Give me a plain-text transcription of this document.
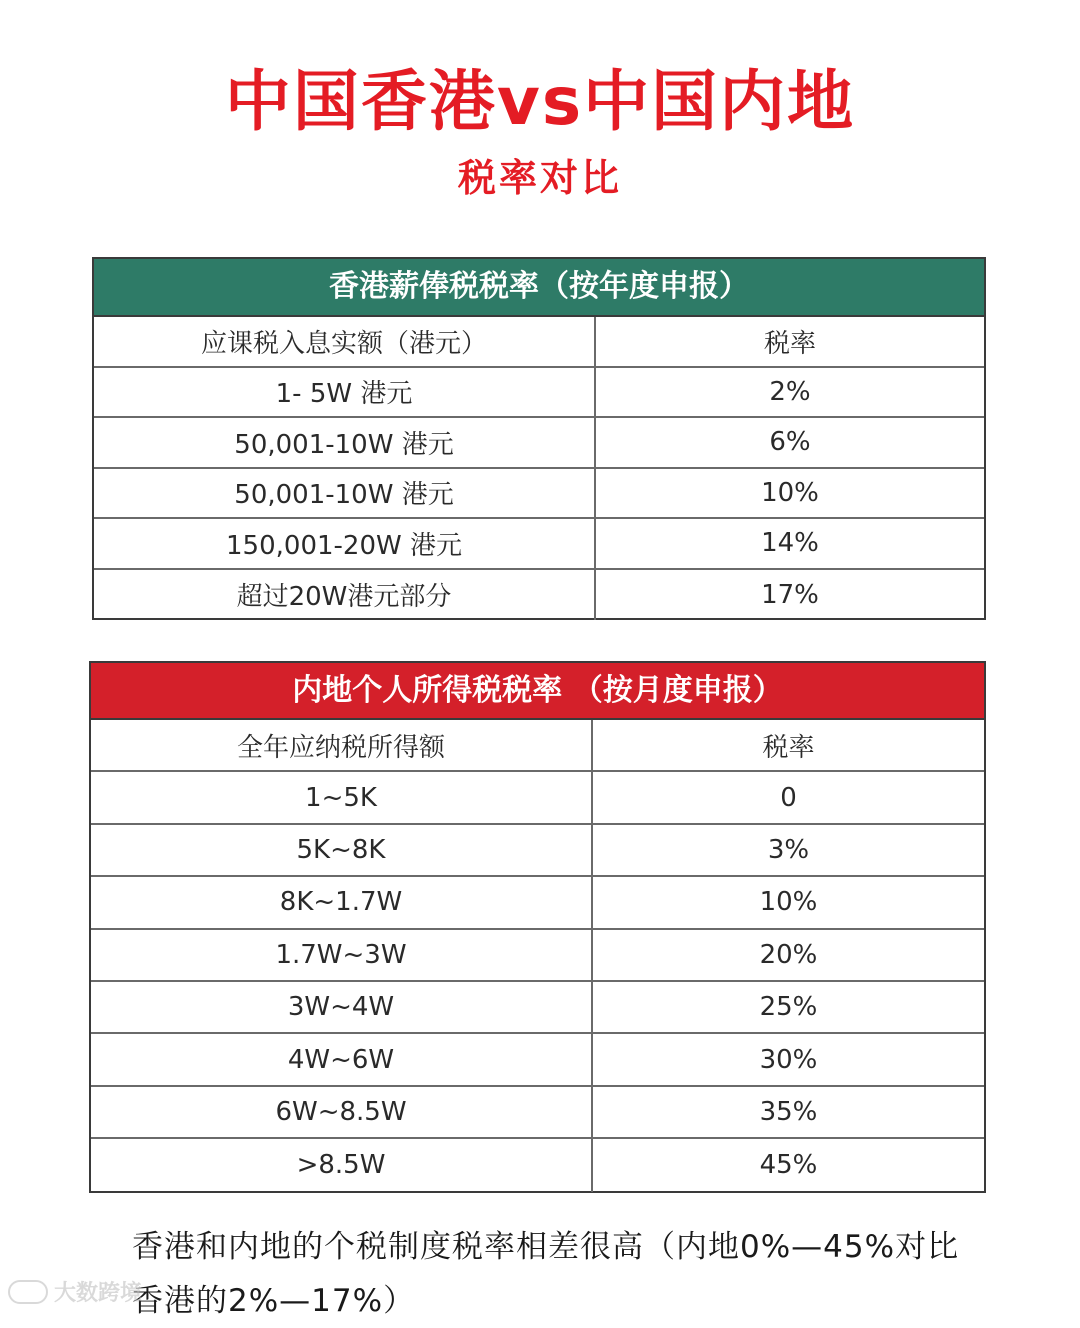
中国香港vs中国内地
税率对比
香港薪俸税税率（按年度申报）
应课税入息实额（港元）	税率
1- 5W 港元	2%
50,001-10W 港元	6%
50,001-10W 港元	10%
150,001-20W 港元	14%
超过20W港元部分	17%
内地个人所得税税率 （按月度申报）
全年应纳税所得额	税率
1~5K	0
5K~8K	3%
8K~1.7W	10%
1.7W~3W	20%
3W~4W	25%
4W~6W	30%
6W~8.5W	35%
>8.5W	45%
香港和内地的个税制度税率相差很高（内地0%—45%对比香港的2%—17%）
大数跨境
